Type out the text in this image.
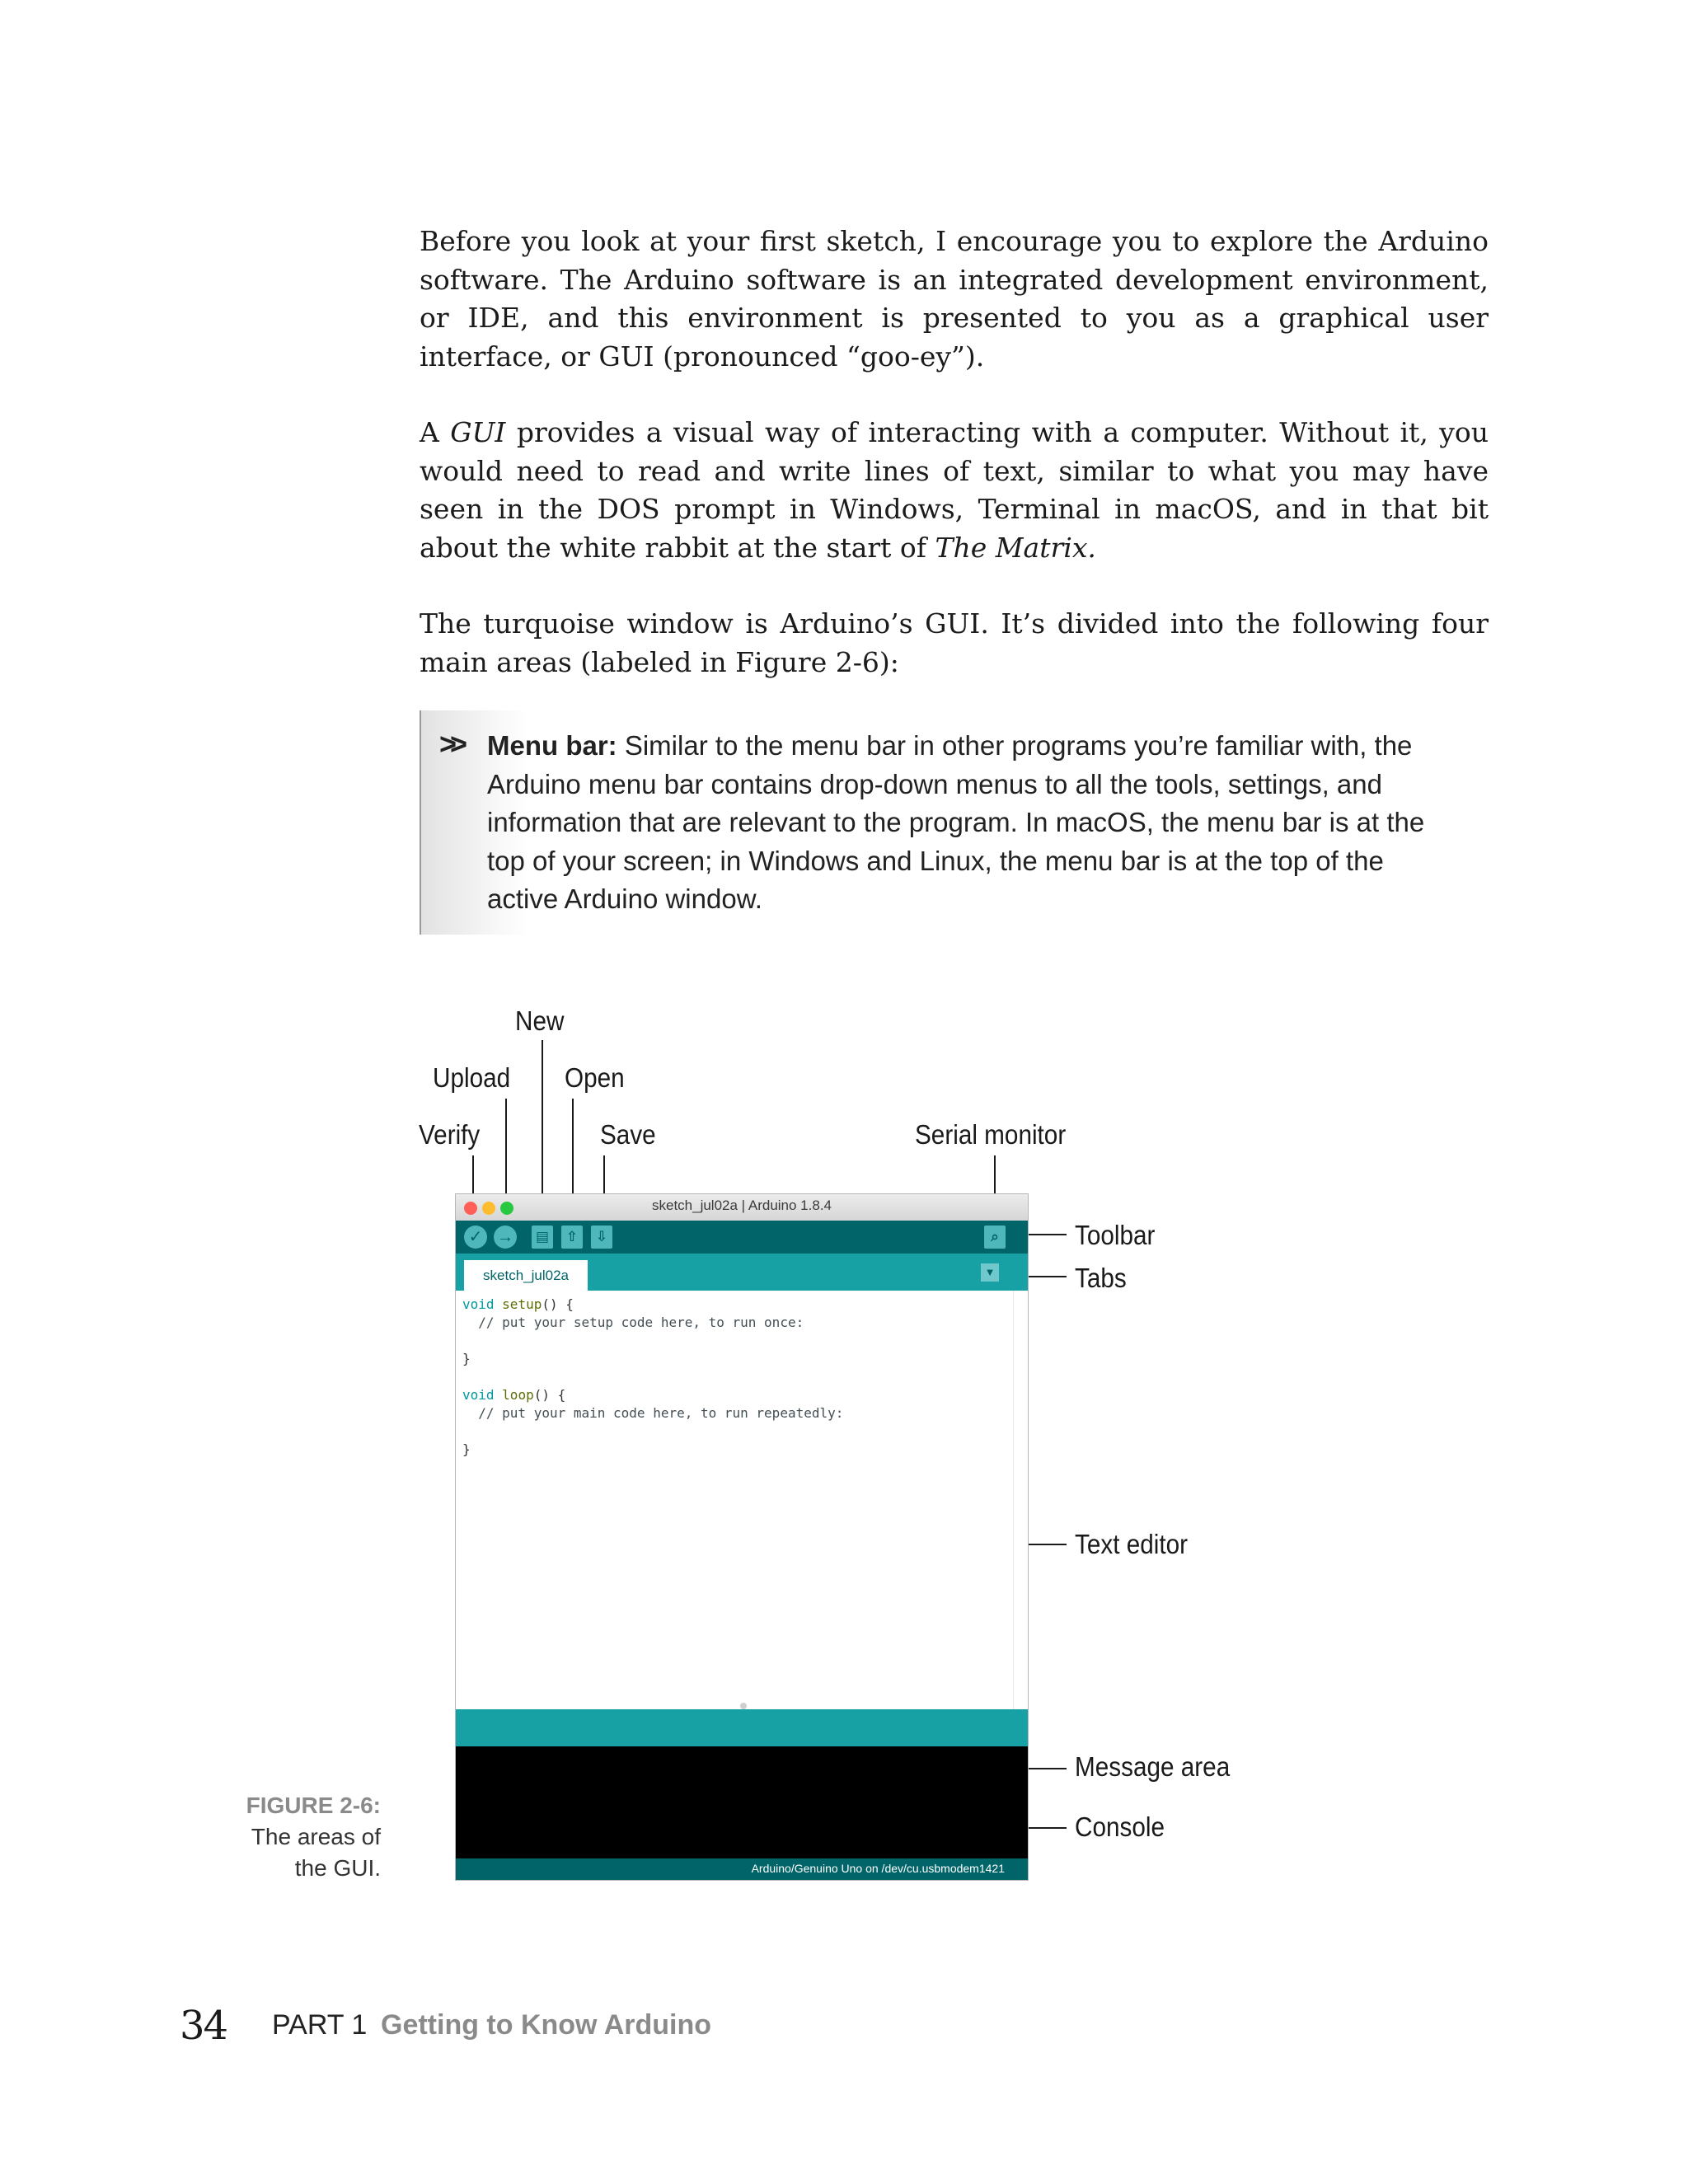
Before you look at your first sketch, I encourage you to explore the Arduino software. The Arduino software is an integrated development environment, or IDE, and this environment is presented to you as a graphical user interface, or GUI (pronounced “goo-ey”).

A GUI provides a visual way of interacting with a computer. Without it, you would need to read and write lines of text, similar to what you may have seen in the DOS prompt in Windows, Terminal in macOS, and in that bit about the white rabbit at the start of The Matrix.

The turquoise window is Arduino’s GUI. It’s divided into the following four main areas (labeled in Figure 2-6):

>> Menu bar: Similar to the menu bar in other programs you’re familiar with, the Arduino menu bar contains drop-down menus to all the tools, settings, and information that are relevant to the program. In macOS, the menu bar is at the top of your screen; in Windows and Linux, the menu bar is at the top of the active Arduino window.
New
Upload Open
Verify	Save	Serial monitor
Toolbar
Tabs
Text editor
Message area
Console
sketch_jul02a | Arduino 1.8.4
✓ → ▤	⇧	⇩	⌕
sketch_jul02a	▼
void setup() {
// put your setup code here, to run once:

}

void loop() {
// put your main code here, to run repeatedly:

}
Arduino/Genuino Uno on /dev/cu.usbmodem1421
FIGURE 2-6:
The areas of the GUI.
34 PART 1 Getting to Know Arduino
